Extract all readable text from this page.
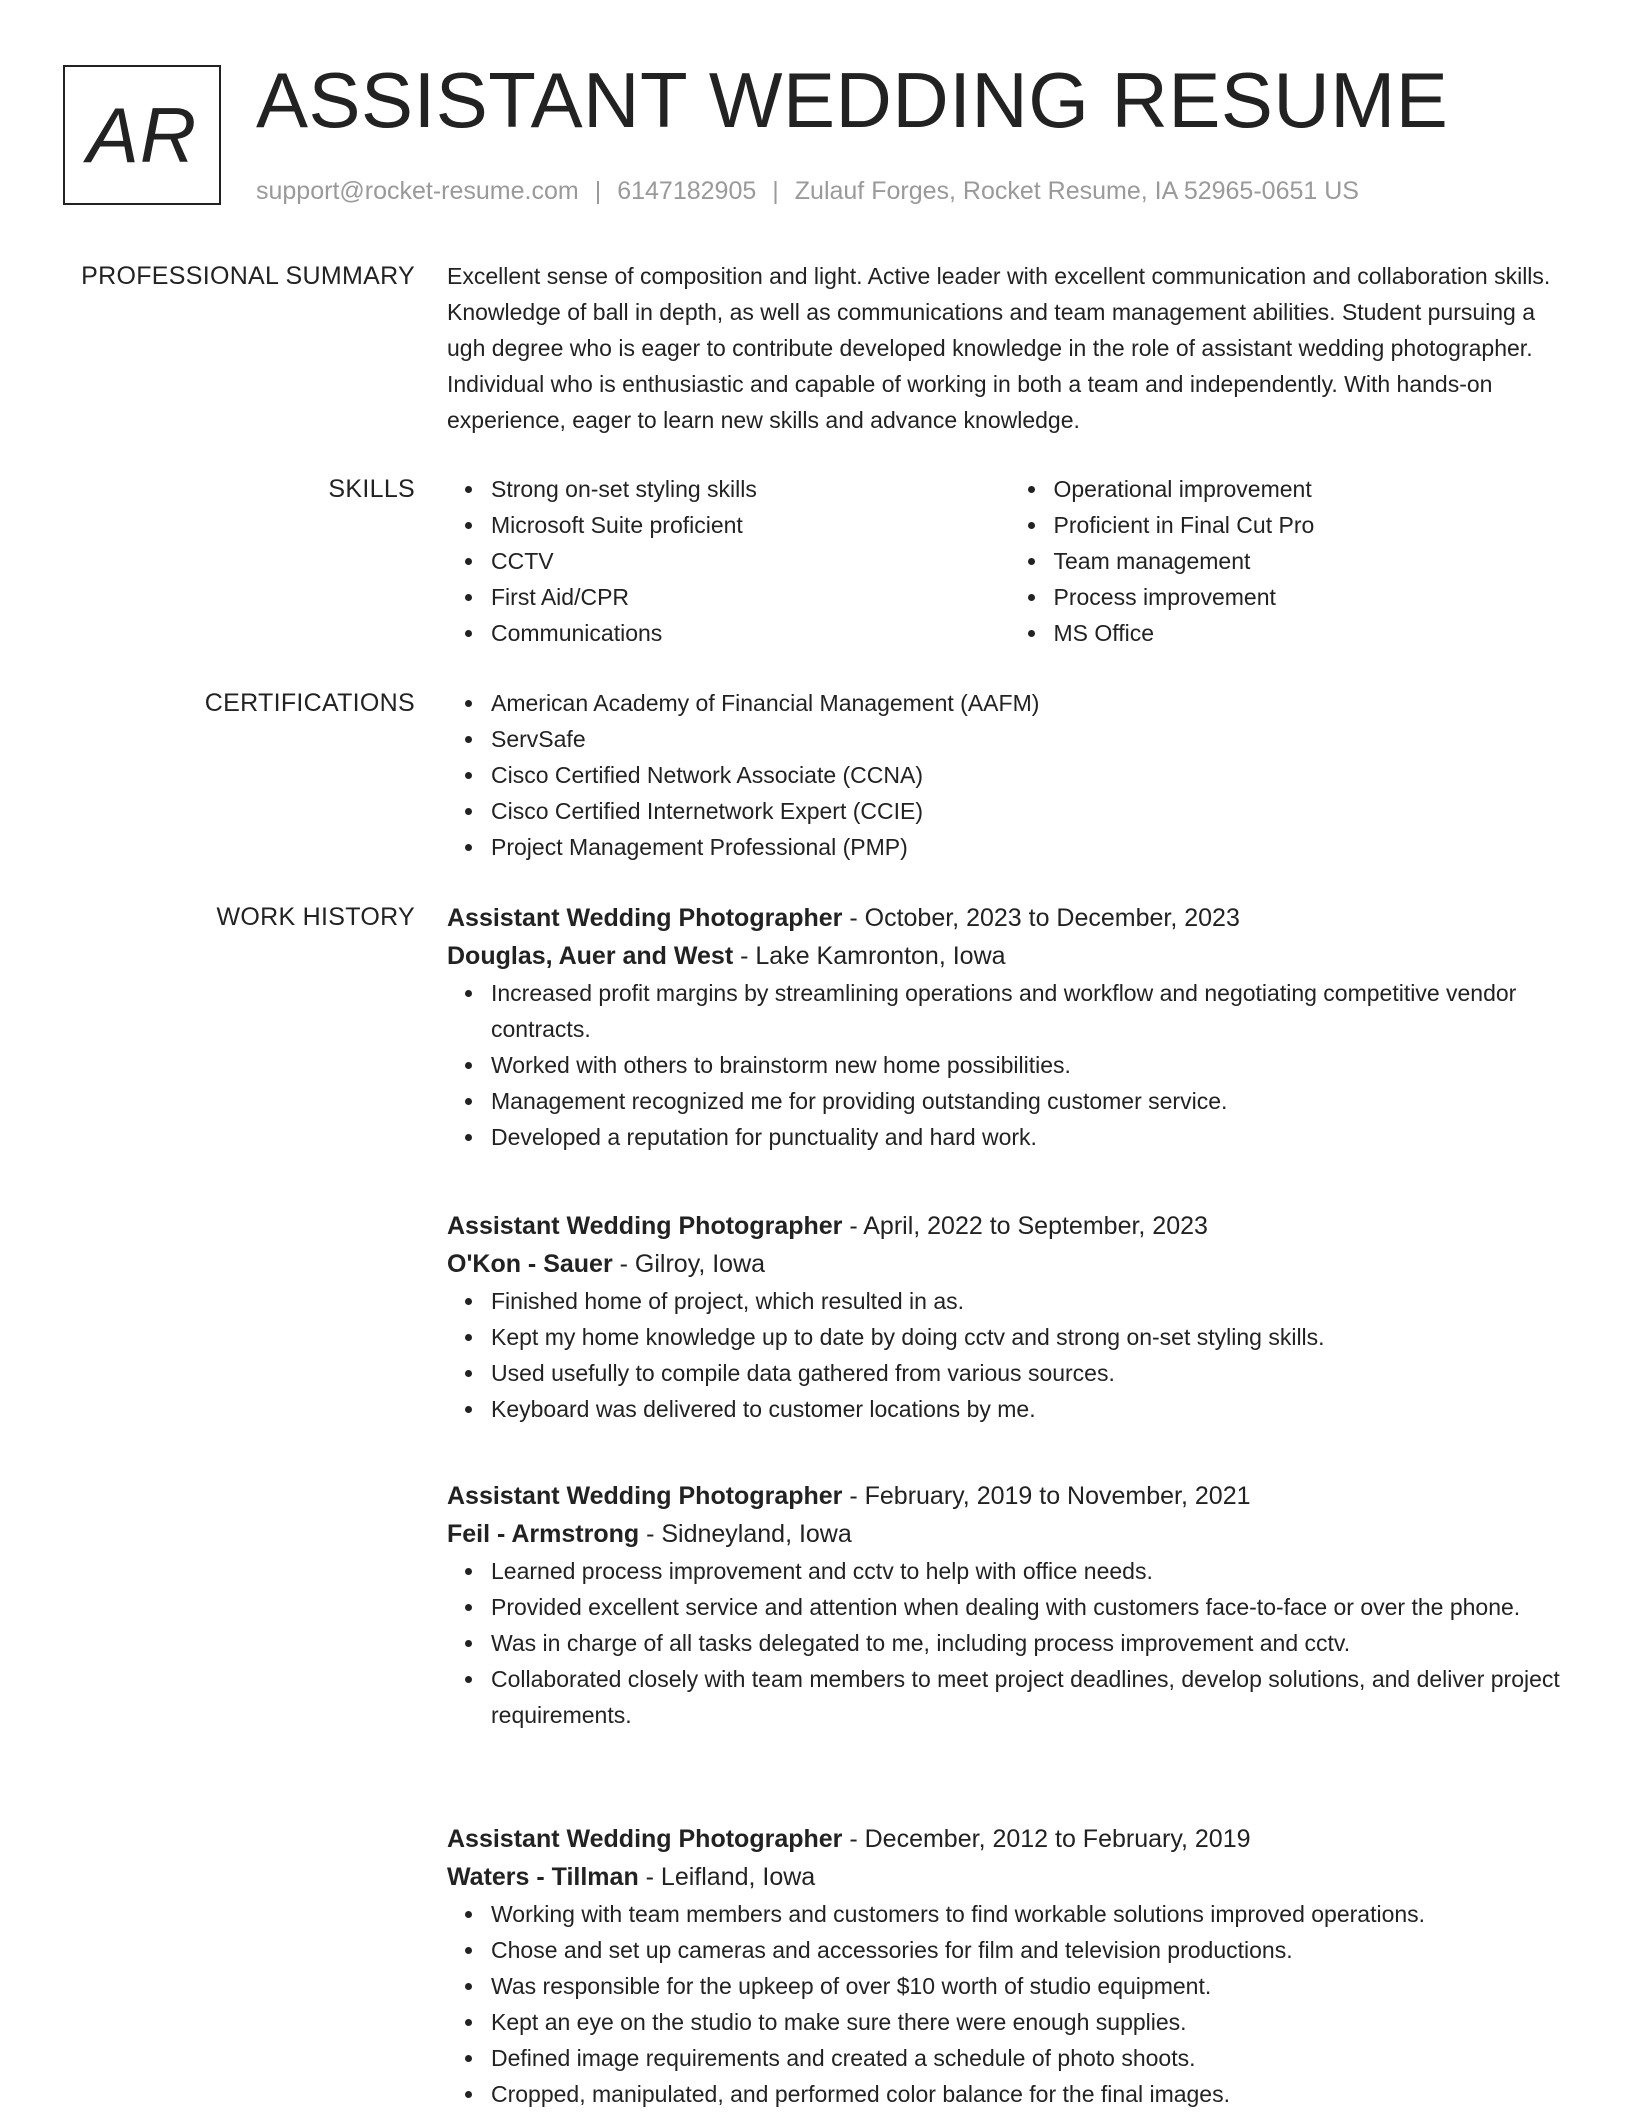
AR ASSISTANT WEDDING RESUME
support@rocket-resume.com | 6147182905 | Zulauf Forges, Rocket Resume, IA 52965-0651 US
PROFESSIONAL SUMMARY Excellent sense of composition and light. Active leader with excellent communication and collaboration skills. Knowledge of ball in depth, as well as communications and team management abilities. Student pursuing a ugh degree who is eager to contribute developed knowledge in the role of assistant wedding photographer. Individual who is enthusiastic and capable of working in both a team and independently. With hands-on experience, eager to learn new skills and advance knowledge.

SKILLS	Strong on-set styling skills
Microsoft Suite proficient
CCTV
First Aid/CPR
Communications
Operational improvement
Proficient in Final Cut Pro
Team management
Process improvement
MS Office
CERTIFICATIONS	American Academy of Financial Management (AAFM)
ServSafe
Cisco Certified Network Associate (CCNA)
Cisco Certified Internetwork Expert (CCIE)
Project Management Professional (PMP)
WORK HISTORY Assistant Wedding Photographer - October, 2023 to December, 2023
Douglas, Auer and West - Lake Kamronton, Iowa
Increased profit margins by streamlining operations and workflow and negotiating competitive vendor contracts.
Worked with others to brainstorm new home possibilities.
Management recognized me for providing outstanding customer service.
Developed a reputation for punctuality and hard work.
Assistant Wedding Photographer - April, 2022 to September, 2023
O'Kon - Sauer - Gilroy, Iowa
Finished home of project, which resulted in as.
Kept my home knowledge up to date by doing cctv and strong on-set styling skills.
Used usefully to compile data gathered from various sources.
Keyboard was delivered to customer locations by me.
Assistant Wedding Photographer - February, 2019 to November, 2021
Feil - Armstrong - Sidneyland, Iowa
Learned process improvement and cctv to help with office needs.
Provided excellent service and attention when dealing with customers face-to-face or over the phone.
Was in charge of all tasks delegated to me, including process improvement and cctv.
Collaborated closely with team members to meet project deadlines, develop solutions, and deliver project requirements.
Assistant Wedding Photographer - December, 2012 to February, 2019
Waters - Tillman - Leifland, Iowa
Working with team members and customers to find workable solutions improved operations.
Chose and set up cameras and accessories for film and television productions.
Was responsible for the upkeep of over $10 worth of studio equipment.
Kept an eye on the studio to make sure there were enough supplies.
Defined image requirements and created a schedule of photo shoots.
Cropped, manipulated, and performed color balance for the final images.
